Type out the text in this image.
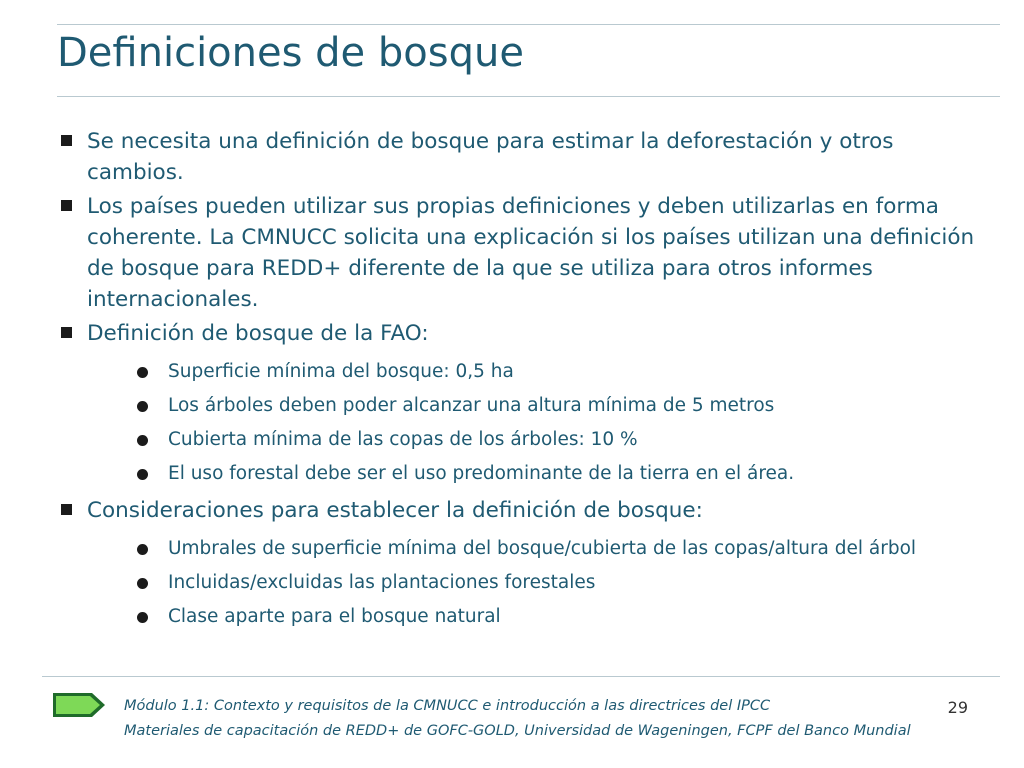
Definiciones de bosque
Se necesita una definición de bosque para estimar la deforestación y otros cambios.
Los países pueden utilizar sus propias definiciones y deben utilizarlas en forma coherente. La CMNUCC solicita una explicación si los países utilizan una definición de bosque para REDD+ diferente de la que se utiliza para otros informes internacionales.
Definición de bosque de la FAO:
Superficie mínima del bosque: 0,5 ha
Los árboles deben poder alcanzar una altura mínima de 5 metros
Cubierta mínima de las copas de los árboles: 10 %
El uso forestal debe ser el uso predominante de la tierra en el área.
Consideraciones para establecer la definición de bosque:
Umbrales de superficie mínima del bosque/cubierta de las copas/altura del árbol
Incluidas/excluidas las plantaciones forestales
Clase aparte para el bosque natural
Módulo 1.1: Contexto y requisitos de la CMNUCC e introducción a las directrices del IPCC
Materiales de capacitación de REDD+ de GOFC-GOLD, Universidad de Wageningen, FCPF del Banco Mundial
29
